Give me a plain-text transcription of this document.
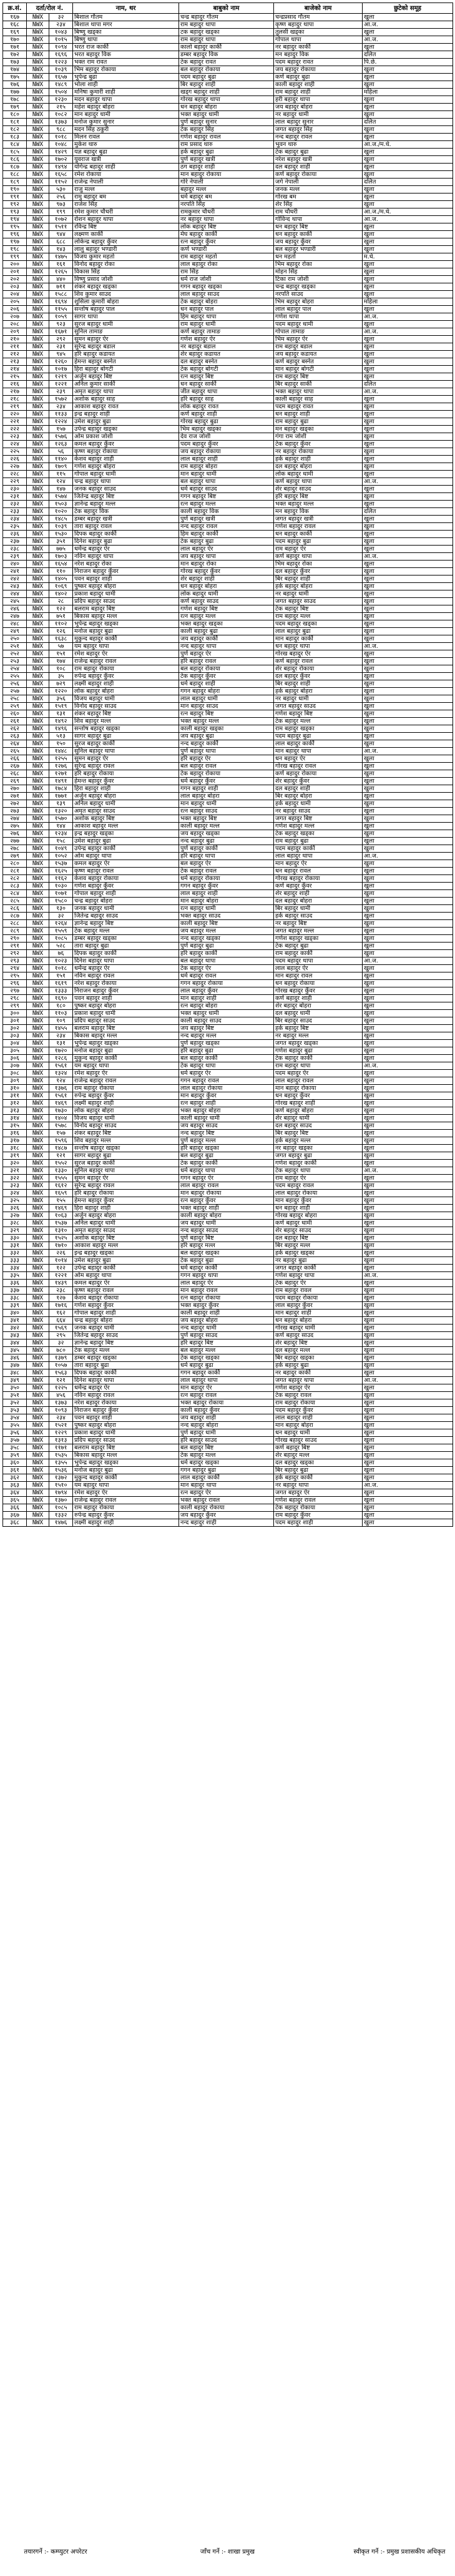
क्र.सं.	दर्ता/रोल नं.		नाम, थर	बाबुको नाम	बाजेको नाम	छुटेको समूह
१६७	NWX	३२	बिशाल गौतम	चन्द्र बहादुर गौतम	चन्द्रप्रसाद गौतम	खुला
१६८	NWX	२३४	बिशाल थापा मगर	राम बहादुर थापा	कृष्ण बहादुर थापा	आ.ज.
१६९	NWX	१०४३	बिष्णु खड्का	टक बहादुर खड्का	तुलसी खड्का	खुला
१७०	NWX	१०१५	बिष्णु थापा	राम बहादुर थापा	गोपाल थापा	आ.ज.
१७१	NWX	१०९४	भरत राज कार्की	कालो बहादुर कार्की	नर बहादुर कार्की	खुला
१७२	NWX	१६९६	भरत बहादुर विक	डम्बर बहादुर विक	मन बहादुर विक	दलित
१७३	NWX	१२२३	भक्त राम रावत	टेक बहादुर रावत	पदम बहादुर रावत	पि.छे.
१७४	NWX	१०३९	भिम बहादुर रोकाया	बल बहादुर रोकाया	जय बहादुर रोकाया	खुला
१७५	NWX	१६५७	भुपेन्द्र बुढा	पदम बहादुर बुढा	कर्ण बहादुर बुढा	खुला
१७६	NWX	१४८९	भोला शाही	बिर बहादुर शाही	काली बहादुर शाही	खुला
१७७	NWX	१५०४	मनिषा कुमारी शाही	खड्ग बहादुर शाही	राम बहादुर शाही	महिला
१७८	NWX	१२३०	मदन बहादुर थापा	गोरख बहादुर थापा	हरी बहादुर थापा	खुला
१७९	NWX	२१५	महेश बहादुर बोहरा	धन बहादुर बोहरा	जय बहादुर बोहरा	खुला
१८०	NWX	१०८२	मान बहादुर धामी	भक्त बहादुर धामी	नर बहादुर धामी	खुला
१८१	NWX	१३७३	मनोज कुमार सुनार	पुर्ण बहादुर सुनार	लाल बहादुर सुनार	दलित
१८२	NWX	९८८	मदन सिंह ठकुरी	टेक बहादुर सिंह	जगत बहादुर सिंह	खुला
१८३	NWX	१०१८	मिलन रावल	गणेश बहादुर रावल	नन्द बहादुर रावल	खुला
१८४	NWX	१०४८	मुकेश थारु	राम प्रसाद थारु	भुवन थारु	आ.ज./म.धे.
१८५	NWX	१४२९	यज्ञ बहादुर बुढा	हर्क बहादुर बुढा	टेक बहादुर बुढा	खुला
१८६	NWX	१७०२	युवराज खत्री	पुर्ण बहादुर खत्री	नरेश बहादुर खत्री	खुला
१८७	NWX	१४९४	योगेन्द्र बहादुर शाही	ठग बहादुर शाही	दल बहादुर शाही	खुला
१८८	NWX	१६५८	रमेश रोकाया	मान बहादुर रोकाया	कर्ण बहादुर रोकाया	खुला
१८९	NWX	११५२	राजेन्द्र नेपाली	गोरे नेपाली	जगे नेपाली	दलित
१९०	NWX	५३०	राजु मल्ल	बहादुर मल्ल	जनक मल्ल	खुला
१९१	NWX	२५६	रामु बहादुर बम	धर्म बहादुर बम	गोरख बम	खुला
१९२	NWX	९७३	राजेश सिंह	नरपति सिंह	शेर सिंह	खुला
१९३	NWX	१९९	रमेश कुमार चौधरी	रामकुमार चौधरी	राम चौधरी	आ.ज./म.धे.
१९४	NWX	१०७२	रोशन बहादुर थापा	नर बहादुर थापा	गोविन्द थापा	आ.ज.
१९५	NWX	१५११	रविन्द्र बिष्ट	लोक बहादुर बिष्ट	धन बहादुर बिष्ट	खुला
१९६	NWX	९४४	लक्ष्मण कार्की	मेघ बहादुर कार्की	धन बहादुर कार्की	खुला
१९७	NWX	६८८	लोकेन्द्र बहादुर कुँवर	रत्न बहादुर कुँवर	जय बहादुर कुँवर	खुला
१९८	NWX	१४३	लालु बहादुर भण्डारी	कर्ण भण्डारी	बल बहादुर भण्डारी	खुला
१९९	NWX	१४७५	विजय कुमार महतो	राम बहादुर महतो	धन महतो	म.धे.
२००	NWX	१६१	विनोद बहादुर रोका	लाल बहादुर रोका	भिम बहादुर रोका	खुला
२०१	NWX	१२६५	विकास सिंह	राम सिंह	मोहन सिंह	खुला
२०२	NWX	४४०	विष्णु प्रसाद जोशी	धर्म राज जोशी	टिका राम जोशी	खुला
२०३	NWX	७११	शंकर बहादुर खड्का	गगन बहादुर खड्का	चन्द्र बहादुर खड्का	खुला
२०४	NWX	१५८८	शिव कुमार साउद	लाल बहादुर साउद	नरपति साउद	खुला
२०५	NWX	१६९४	शुसिला कुमारी बोहरा	टेक बहादुर बोहरा	भिम बहादुर बोहरा	महिला
२०६	NWX	११५५	सन्तोष बहादुर पाल	धन बहादुर पाल	लाल बहादुर पाल	खुला
२०७	NWX	१०५९	सागर थापा	हिम बहादुर थापा	गणेश थापा	आ.ज.
२०८	NWX	९२३	सुरज बहादुर धामी	राम बहादुर धामी	पदम बहादुर धामी	खुला
२०९	NWX	१६७१	सुनिल तामाङ	कर्ण बहादुर तामाङ	गोपाल तामाङ	आ.ज.
२१०	NWX	२९२	सुमन बहादुर ऐर	गणेश बहादुर ऐर	भिम बहादुर ऐर	खुला
२११	NWX	२३१	सुरेन्द्र बहादुर बडाल	नर बहादुर बडाल	राम बहादुर बडाल	खुला
२१२	NWX	९४५	हरि बहादुर कडायत	शेर बहादुर कडायत	जय बहादुर कडायत	खुला
२१३	NWX	१२६०	हेमन्त बहादुर बस्नेत	दल बहादुर बस्नेत	कर्ण बहादुर बस्नेत	खुला
२१४	NWX	१०१७	हिरा बहादुर बोगटी	टेक बहादुर बोगटी	मान बहादुर बोगटी	खुला
२१५	NWX	१२१९	अर्जुन बहादुर बिष्ट	रत्न बहादुर बिष्ट	राम बहादुर बिष्ट	खुला
२१६	NWX	१२२१	अनिल कुमार सार्की	धन बहादुर सार्की	बिर बहादुर सार्की	दलित
२१७	NWX	२३९	अमृत बहादुर थापा	जीत बहादुर थापा	भक्त बहादुर थापा	आ.ज.
२१८	NWX	१५७२	अशोक बहादुर साह	हरि बहादुर साह	काली बहादुर साह	खुला
२१९	NWX	२३४	आकाश बहादुर रावत	लोक बहादुर रावत	पदम बहादुर रावत	खुला
२२०	NWX	११३३	इन्द्र बहादुर शाही	कर्ण बहादुर शाही	धन बहादुर शाही	खुला
२२१	NWX	१२२४	उमेश बहादुर बुढा	गोरख बहादुर बुढा	राम बहादुर बुढा	खुला
२२२	NWX	१५७	उपेन्द्र बहादुर खड्का	भिम बहादुर खड्का	मन बहादुर खड्का	खुला
२२३	NWX	१५७६	ओम प्रकाश जोशी	देव राज जोशी	गंगा राम जोशी	खुला
२२४	NWX	१२६३	कमल बहादुर कुँवर	पदम बहादुर कुँवर	टेक बहादुर कुँवर	खुला
२२५	NWX	५६	कृष्ण बहादुर रोकाया	जय बहादुर रोकाया	नर बहादुर रोकाया	खुला
२२६	NWX	११४०	केशव बहादुर शाही	लाल बहादुर शाही	हर्क बहादुर शाही	खुला
२२७	NWX	१७०९	गणेश बहादुर बोहरा	राम बहादुर बोहरा	दल बहादुर बोहरा	खुला
२२८	NWX	११५	गोपाल बहादुर धामी	मान बहादुर धामी	लोक बहादुर धामी	खुला
२२९	NWX	१२४	चन्द्र बहादुर थापा	बल बहादुर थापा	कर्ण बहादुर थापा	आ.ज.
२३०	NWX	१४७	जनक बहादुर साउद	धर्म बहादुर साउद	शेर बहादुर साउद	खुला
२३१	NWX	१५७४	जितेन्द्र बहादुर बिष्ट	गगन बहादुर बिष्ट	हरि बहादुर बिष्ट	खुला
२३२	NWX	१५०३	ज्ञानेन्द्र बहादुर मल्ल	रत्न बहादुर मल्ल	भक्त बहादुर मल्ल	खुला
२३३	NWX	१०२०	टेक बहादुर विक	काली बहादुर विक	मन बहादुर विक	दलित
२३४	NWX	१४८५	डम्बर बहादुर खत्री	पुर्ण बहादुर खत्री	जगत बहादुर खत्री	खुला
२३५	NWX	१०३९	तारा बहादुर रावल	नन्द बहादुर रावल	गणेश बहादुर रावल	खुला
२३६	NWX	१५३०	दिपक बहादुर कार्की	हिम बहादुर कार्की	धन बहादुर कार्की	खुला
२३७	NWX	३५१	दिनेश बहादुर बुढा	टेक बहादुर बुढा	पदम बहादुर बुढा	खुला
२३८	NWX	७७५	धर्मेन्द्र बहादुर ऐर	लाल बहादुर ऐर	राम बहादुर ऐर	खुला
२३९	NWX	१७०३	नविन बहादुर थापा	जय बहादुर थापा	कर्ण बहादुर थापा	आ.ज.
२४०	NWX	१६५४	नरेश बहादुर रोका	मान बहादुर रोका	भिम बहादुर रोका	खुला
२४१	NWX	११०	निराजन बहादुर कुँवर	गोरख बहादुर कुँवर	दल बहादुर कुँवर	खुला
२४२	NWX	१४०५	पवन बहादुर शाही	शेर बहादुर शाही	बिर बहादुर शाही	खुला
२४३	NWX	१०६९	पुष्कर बहादुर बोहरा	धन बहादुर बोहरा	हर्क बहादुर बोहरा	खुला
२४४	NWX	१४०२	प्रकाश बहादुर धामी	लोक बहादुर धामी	नर बहादुर धामी	खुला
२४५	NWX	२८	प्रदिप बहादुर साउद	कर्ण बहादुर साउद	जगत बहादुर साउद	खुला
२४६	NWX	१२२	बलराम बहादुर बिष्ट	गणेश बहादुर बिष्ट	टेक बहादुर बिष्ट	खुला
२४७	NWX	७५१	बिकास बहादुर मल्ल	रत्न बहादुर मल्ल	राम बहादुर मल्ल	खुला
२४८	NWX	११०२	भुपेन्द्र बहादुर खड्का	भक्त बहादुर खड्का	पदम बहादुर खड्का	खुला
२४९	NWX	१२६	मनोज बहादुर बुढा	काली बहादुर बुढा	लाल बहादुर बुढा	खुला
२५०	NWX	१६३८	मुकुन्द बहादुर कार्की	जय बहादुर कार्की	मान बहादुर कार्की	खुला
२५१	NWX	५७	यम बहादुर थापा	नन्द बहादुर थापा	धन बहादुर थापा	आ.ज.
२५२	NWX	१५१	रमेश बहादुर ऐर	पुर्ण बहादुर ऐर	गोरख बहादुर ऐर	खुला
२५३	NWX	१७४	राजेन्द्र बहादुर रावल	हरि बहादुर रावल	कर्ण बहादुर रावल	खुला
२५४	NWX	१०८	राम बहादुर रोकाया	बल बहादुर रोकाया	शेर बहादुर रोकाया	खुला
२५५	NWX	३५	रुपेन्द्र बहादुर कुँवर	टेक बहादुर कुँवर	दल बहादुर कुँवर	खुला
२५६	NWX	७२९	लक्ष्मी बहादुर शाही	धर्म बहादुर शाही	बिर बहादुर शाही	खुला
२५७	NWX	१२२०	लोक बहादुर बोहरा	गगन बहादुर बोहरा	हर्क बहादुर बोहरा	खुला
२५८	NWX	३५६	विजय बहादुर धामी	लाल बहादुर धामी	नर बहादुर धामी	खुला
२५९	NWX	१५१९	विनोद बहादुर साउद	मान बहादुर साउद	जगत बहादुर साउद	खुला
२६०	NWX	१३१	शंकर बहादुर बिष्ट	रत्न बहादुर बिष्ट	गणेश बहादुर बिष्ट	खुला
२६१	NWX	१४९२	शिव बहादुर मल्ल	भक्त बहादुर मल्ल	टेक बहादुर मल्ल	खुला
२६२	NWX	१४९६	सन्तोष बहादुर खड्का	काली बहादुर खड्का	राम बहादुर खड्का	खुला
२६३	NWX	५१३	सागर बहादुर बुढा	जय बहादुर बुढा	पदम बहादुर बुढा	खुला
२६४	NWX	१५०	सुरज बहादुर कार्की	नन्द बहादुर कार्की	लाल बहादुर कार्की	खुला
२६५	NWX	१४४८	सुनिल बहादुर थापा	पुर्ण बहादुर थापा	मान बहादुर थापा	आ.ज.
२६६	NWX	१२५५	सुमन बहादुर ऐर	हरि बहादुर ऐर	धन बहादुर ऐर	खुला
२६७	NWX	१२७६	सुरेन्द्र बहादुर रावल	बल बहादुर रावल	गोरख बहादुर रावल	खुला
२६८	NWX	१२७१	हरि बहादुर रोकाया	टेक बहादुर रोकाया	कर्ण बहादुर रोकाया	खुला
२६९	NWX	१४९१	हेमन्त बहादुर कुँवर	धर्म बहादुर कुँवर	शेर बहादुर कुँवर	खुला
२७०	NWX	१७८४	हिरा बहादुर शाही	गगन बहादुर शाही	दल बहादुर शाही	खुला
२७१	NWX	१७७१	अर्जुन बहादुर बोहरा	लाल बहादुर बोहरा	बिर बहादुर बोहरा	खुला
२७२	NWX	१३९	अनिल बहादुर धामी	मान बहादुर धामी	हर्क बहादुर धामी	खुला
२७३	NWX	१३२०	अमृत बहादुर साउद	रत्न बहादुर साउद	नर बहादुर साउद	खुला
२७४	NWX	१५७०	अशोक बहादुर बिष्ट	भक्त बहादुर बिष्ट	जगत बहादुर बिष्ट	खुला
२७५	NWX	१४४	आकाश बहादुर मल्ल	काली बहादुर मल्ल	गणेश बहादुर मल्ल	खुला
२७६	NWX	१२३४	इन्द्र बहादुर खड्का	जय बहादुर खड्का	टेक बहादुर खड्का	खुला
२७७	NWX	१५८	उमेश बहादुर बुढा	नन्द बहादुर बुढा	राम बहादुर बुढा	खुला
२७८	NWX	१०४९	उपेन्द्र बहादुर कार्की	पुर्ण बहादुर कार्की	पदम बहादुर कार्की	खुला
२७९	NWX	१०५२	ओम बहादुर थापा	हरि बहादुर थापा	लाल बहादुर थापा	आ.ज.
२८०	NWX	१५३७	कमल बहादुर ऐर	बल बहादुर ऐर	मान बहादुर ऐर	खुला
२८१	NWX	१६२५	कृष्ण बहादुर रावल	टेक बहादुर रावल	धन बहादुर रावल	खुला
२८२	NWX	११६२	केशव बहादुर रोकाया	धर्म बहादुर रोकाया	गोरख बहादुर रोकाया	खुला
२८३	NWX	१०३०	गणेश बहादुर कुँवर	गगन बहादुर कुँवर	कर्ण बहादुर कुँवर	खुला
२८४	NWX	१०७१	गोपाल बहादुर शाही	लाल बहादुर शाही	शेर बहादुर शाही	खुला
२८५	NWX	१५८०	चन्द्र बहादुर बोहरा	मान बहादुर बोहरा	दल बहादुर बोहरा	खुला
२८६	NWX	१३०	जनक बहादुर धामी	रत्न बहादुर धामी	बिर बहादुर धामी	खुला
२८७	NWX	३२	जितेन्द्र बहादुर साउद	भक्त बहादुर साउद	हर्क बहादुर साउद	खुला
२८८	NWX	१२६४	ज्ञानेन्द्र बहादुर बिष्ट	काली बहादुर बिष्ट	नर बहादुर बिष्ट	खुला
२८९	NWX	१५५९	टेक बहादुर मल्ल	जय बहादुर मल्ल	जगत बहादुर मल्ल	खुला
२९०	NWX	१०८५	डम्बर बहादुर खड्का	नन्द बहादुर खड्का	गणेश बहादुर खड्का	खुला
२९१	NWX	५२८	तारा बहादुर बुढा	पुर्ण बहादुर बुढा	टेक बहादुर बुढा	खुला
२९२	NWX	७६	दिपक बहादुर कार्की	हरि बहादुर कार्की	राम बहादुर कार्की	खुला
२९३	NWX	१०२३	दिनेश बहादुर थापा	बल बहादुर थापा	पदम बहादुर थापा	आ.ज.
२९४	NWX	१०१८	धर्मेन्द्र बहादुर ऐर	टेक बहादुर ऐर	लाल बहादुर ऐर	खुला
२९५	NWX	१५१	नविन बहादुर रावल	धर्म बहादुर रावल	मान बहादुर रावल	खुला
२९६	NWX	१६१९	नरेश बहादुर रोकाया	गगन बहादुर रोकाया	धन बहादुर रोकाया	खुला
२९७	NWX	१३३३	निराजन बहादुर कुँवर	लाल बहादुर कुँवर	गोरख बहादुर कुँवर	खुला
२९८	NWX	१६९०	पवन बहादुर शाही	मान बहादुर शाही	कर्ण बहादुर शाही	खुला
२९९	NWX	१८०	पुष्कर बहादुर बोहरा	रत्न बहादुर बोहरा	शेर बहादुर बोहरा	खुला
३००	NWX	११०३	प्रकाश बहादुर धामी	भक्त बहादुर धामी	दल बहादुर धामी	खुला
३०१	NWX	१०९	प्रदिप बहादुर साउद	काली बहादुर साउद	बिर बहादुर साउद	खुला
३०२	NWX	१४५५	बलराम बहादुर बिष्ट	जय बहादुर बिष्ट	हर्क बहादुर बिष्ट	खुला
३०३	NWX	२३४	बिकास बहादुर मल्ल	नन्द बहादुर मल्ल	नर बहादुर मल्ल	खुला
३०४	NWX	१३१	भुपेन्द्र बहादुर खड्का	पुर्ण बहादुर खड्का	जगत बहादुर खड्का	खुला
३०५	NWX	१७२०	मनोज बहादुर बुढा	हरि बहादुर बुढा	गणेश बहादुर बुढा	खुला
३०६	NWX	१२८६	मुकुन्द बहादुर कार्की	बल बहादुर कार्की	टेक बहादुर कार्की	खुला
३०७	NWX	१५६१	यम बहादुर थापा	टेक बहादुर थापा	राम बहादुर थापा	आ.ज.
३०८	NWX	१३२४	रमेश बहादुर ऐर	धर्म बहादुर ऐर	पदम बहादुर ऐर	खुला
३०९	NWX	१२४	राजेन्द्र बहादुर रावल	गगन बहादुर रावल	लाल बहादुर रावल	खुला
३१०	NWX	१३७६	राम बहादुर रोकाया	लाल बहादुर रोकाया	मान बहादुर रोकाया	खुला
३११	NWX	१५६१	रुपेन्द्र बहादुर कुँवर	मान बहादुर कुँवर	धन बहादुर कुँवर	खुला
३१२	NWX	१४६९	लक्ष्मी बहादुर शाही	रत्न बहादुर शाही	गोरख बहादुर शाही	खुला
३१३	NWX	१७३०	लोक बहादुर बोहरा	भक्त बहादुर बोहरा	कर्ण बहादुर बोहरा	खुला
३१४	NWX	१४०४	विजय बहादुर धामी	काली बहादुर धामी	शेर बहादुर धामी	खुला
३१५	NWX	१५७८	विनोद बहादुर साउद	जय बहादुर साउद	दल बहादुर साउद	खुला
३१६	NWX	१५७	शंकर बहादुर बिष्ट	नन्द बहादुर बिष्ट	बिर बहादुर बिष्ट	खुला
३१७	NWX	१५९६	शिव बहादुर मल्ल	पुर्ण बहादुर मल्ल	हर्क बहादुर मल्ल	खुला
३१८	NWX	१४८७	सन्तोष बहादुर खड्का	हरि बहादुर खड्का	नर बहादुर खड्का	खुला
३१९	NWX	१२१	सागर बहादुर बुढा	बल बहादुर बुढा	जगत बहादुर बुढा	खुला
३२०	NWX	१५५२	सुरज बहादुर कार्की	टेक बहादुर कार्की	गणेश बहादुर कार्की	खुला
३२१	NWX	१३३०	सुनिल बहादुर थापा	धर्म बहादुर थापा	टेक बहादुर थापा	आ.ज.
३२२	NWX	१५५५	सुमन बहादुर ऐर	गगन बहादुर ऐर	राम बहादुर ऐर	खुला
३२३	NWX	१६१२	सुरेन्द्र बहादुर रावल	लाल बहादुर रावल	पदम बहादुर रावल	खुला
३२४	NWX	१६५९	हरि बहादुर रोकाया	मान बहादुर रोकाया	लाल बहादुर रोकाया	खुला
३२५	NWX	१५५	हेमन्त बहादुर कुँवर	रत्न बहादुर कुँवर	मान बहादुर कुँवर	खुला
३२६	NWX	१४६९	हिरा बहादुर शाही	भक्त बहादुर शाही	धन बहादुर शाही	खुला
३२७	NWX	१०६३	अर्जुन बहादुर बोहरा	काली बहादुर बोहरा	गोरख बहादुर बोहरा	खुला
३२८	NWX	१५३७	अनिल बहादुर धामी	जय बहादुर धामी	कर्ण बहादुर धामी	खुला
३२९	NWX	१३१०	अमृत बहादुर साउद	नन्द बहादुर साउद	शेर बहादुर साउद	खुला
३३०	NWX	१५२५	अशोक बहादुर बिष्ट	पुर्ण बहादुर बिष्ट	दल बहादुर बिष्ट	खुला
३३१	NWX	१७१०	आकाश बहादुर मल्ल	हरि बहादुर मल्ल	बिर बहादुर मल्ल	खुला
३३२	NWX	२२६	इन्द्र बहादुर खड्का	बल बहादुर खड्का	हर्क बहादुर खड्का	खुला
३३३	NWX	१०१४	उमेश बहादुर बुढा	टेक बहादुर बुढा	नर बहादुर बुढा	खुला
३३४	NWX	१२२	उपेन्द्र बहादुर कार्की	धर्म बहादुर कार्की	जगत बहादुर कार्की	खुला
३३५	NWX	१२२१	ओम बहादुर थापा	गगन बहादुर थापा	गणेश बहादुर थापा	आ.ज.
३३६	NWX	१४३९	कमल बहादुर ऐर	लाल बहादुर ऐर	टेक बहादुर ऐर	खुला
३३७	NWX	२३८	कृष्ण बहादुर रावल	मान बहादुर रावल	राम बहादुर रावल	खुला
३३८	NWX	१२७	केशव बहादुर रोकाया	रत्न बहादुर रोकाया	पदम बहादुर रोकाया	खुला
३३९	NWX	१७१६	गणेश बहादुर कुँवर	भक्त बहादुर कुँवर	लाल बहादुर कुँवर	खुला
३४०	NWX	१६२	गोपाल बहादुर शाही	काली बहादुर शाही	मान बहादुर शाही	खुला
३४१	NWX	६६४	चन्द्र बहादुर बोहरा	जय बहादुर बोहरा	धन बहादुर बोहरा	खुला
३४२	NWX	१५६९	जनक बहादुर धामी	नन्द बहादुर धामी	गोरख बहादुर धामी	खुला
३४३	NWX	२९५	जितेन्द्र बहादुर साउद	पुर्ण बहादुर साउद	कर्ण बहादुर साउद	खुला
३४४	NWX	३२	ज्ञानेन्द्र बहादुर बिष्ट	हरि बहादुर बिष्ट	शेर बहादुर बिष्ट	खुला
३४५	NWX	७८०	टेक बहादुर मल्ल	बल बहादुर मल्ल	दल बहादुर मल्ल	खुला
३४६	NWX	१३७९	डम्बर बहादुर खड्का	टेक बहादुर खड्का	बिर बहादुर खड्का	खुला
३४७	NWX	१०५७	तारा बहादुर बुढा	धर्म बहादुर बुढा	हर्क बहादुर बुढा	खुला
३४८	NWX	१५६३	दिपक बहादुर कार्की	गगन बहादुर कार्की	नर बहादुर कार्की	खुला
३४९	NWX	१२१	दिनेश बहादुर थापा	लाल बहादुर थापा	जगत बहादुर थापा	आ.ज.
३५०	NWX	१२२५	धर्मेन्द्र बहादुर ऐर	मान बहादुर ऐर	गणेश बहादुर ऐर	खुला
३५१	NWX	४५६	नविन बहादुर रावल	रत्न बहादुर रावल	टेक बहादुर रावल	खुला
३५२	NWX	१३७३	नरेश बहादुर रोकाया	भक्त बहादुर रोकाया	राम बहादुर रोकाया	खुला
३५३	NWX	१०९३	निराजन बहादुर कुँवर	काली बहादुर कुँवर	पदम बहादुर कुँवर	खुला
३५४	NWX	२३४	पवन बहादुर शाही	जय बहादुर शाही	लाल बहादुर शाही	खुला
३५५	NWX	१५२१	पुष्कर बहादुर बोहरा	नन्द बहादुर बोहरा	मान बहादुर बोहरा	खुला
३५६	NWX	१२२९	प्रकाश बहादुर धामी	पुर्ण बहादुर धामी	धन बहादुर धामी	खुला
३५७	NWX	१३१३	प्रदिप बहादुर साउद	हरि बहादुर साउद	गोरख बहादुर साउद	खुला
३५८	NWX	११७१	बलराम बहादुर बिष्ट	बल बहादुर बिष्ट	कर्ण बहादुर बिष्ट	खुला
३५९	NWX	१५३५	बिकास बहादुर मल्ल	टेक बहादुर मल्ल	शेर बहादुर मल्ल	खुला
३६०	NWX	१३५५	भुपेन्द्र बहादुर खड्का	धर्म बहादुर खड्का	दल बहादुर खड्का	खुला
३६१	NWX	१५३६	मनोज बहादुर बुढा	गगन बहादुर बुढा	बिर बहादुर बुढा	खुला
३६२	NWX	१३७२	मुकुन्द बहादुर कार्की	लाल बहादुर कार्की	हर्क बहादुर कार्की	खुला
३६३	NWX	१५१०	यम बहादुर थापा	मान बहादुर थापा	नर बहादुर थापा	आ.ज.
३६४	NWX	१७९४	रमेश बहादुर ऐर	रत्न बहादुर ऐर	जगत बहादुर ऐर	खुला
३६५	NWX	१३७०	राजेन्द्र बहादुर रावल	भक्त बहादुर रावल	गणेश बहादुर रावल	खुला
३६६	NWX	१०८५	राम बहादुर रोकाया	काली बहादुर रोकाया	टेक बहादुर रोकाया	खुला
३६७	NWX	१३३२	रुपेन्द्र बहादुर कुँवर	जय बहादुर कुँवर	राम बहादुर कुँवर	खुला
३६८	NWX	१४७६	लक्ष्मी बहादुर शाही	नन्द बहादुर शाही	पदम बहादुर शाही	खुला
तयारगर्ने :- कम्प्युटर अपरेटर	जाँच गर्ने :- शाखा प्रमुख	स्वीकृत गर्ने :- प्रमुख प्रशासकीय अधिकृत
